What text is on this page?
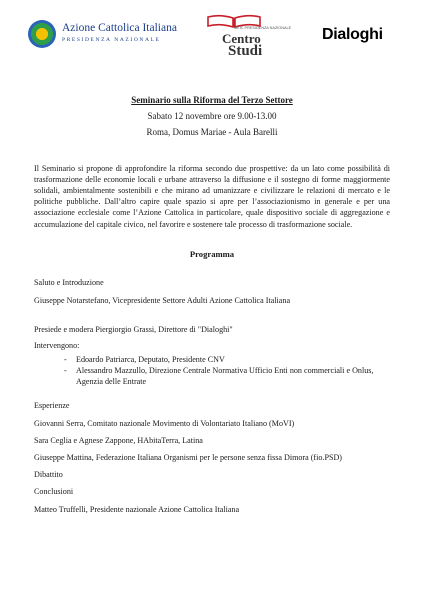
Azione Cattolica Italiana
PRESIDENZA NAZIONALE
MEIC PRESIDENZA NAZIONALE
Centro
Studi
Dialoghi

Seminario sulla Riforma del Terzo Settore

Sabato 12 novembre ore 9.00-13.00

Roma, Domus Mariae - Aula Barelli

Il Seminario si propone di approfondire la riforma secondo due prospettive: da un lato come possibilità di trasformazione delle economie locali e urbane attraverso la diffusione e il sostegno di forme maggiormente solidali, ambientalmente sostenibili e che mirano ad umanizzare e civilizzare le relazioni di mercato e le politiche pubbliche. Dall’altro capire quale spazio si apre per l’associazionismo in generale e per una associazione ecclesiale come l’Azione Cattolica in particolare, quale dispositivo sociale di aggregazione e accumulazione del capitale civico, nel favorire e sostenere tale processo di trasformazione sociale.

Programma

Saluto e Introduzione

Giuseppe Notarstefano, Vicepresidente Settore Adulti Azione Cattolica Italiana

Presiede e modera Piergiorgio Grassi, Direttore di "Dialoghi"

Intervengono:

- Edoardo Patriarca, Deputato, Presidente CNV
- Alessandro Mazzullo, Direzione Centrale Normativa Ufficio Enti non commerciali e Onlus, Agenzia delle Entrate

Esperienze

Giovanni Serra, Comitato nazionale Movimento di Volontariato Italiano (MoVI)

Sara Ceglia e Agnese Zappone, HAbitaTerra, Latina

Giuseppe Mattina, Federazione Italiana Organismi per le persone senza fissa Dimora (fio.PSD)

Dibattito

Conclusioni

Matteo Truffelli, Presidente nazionale Azione Cattolica Italiana
